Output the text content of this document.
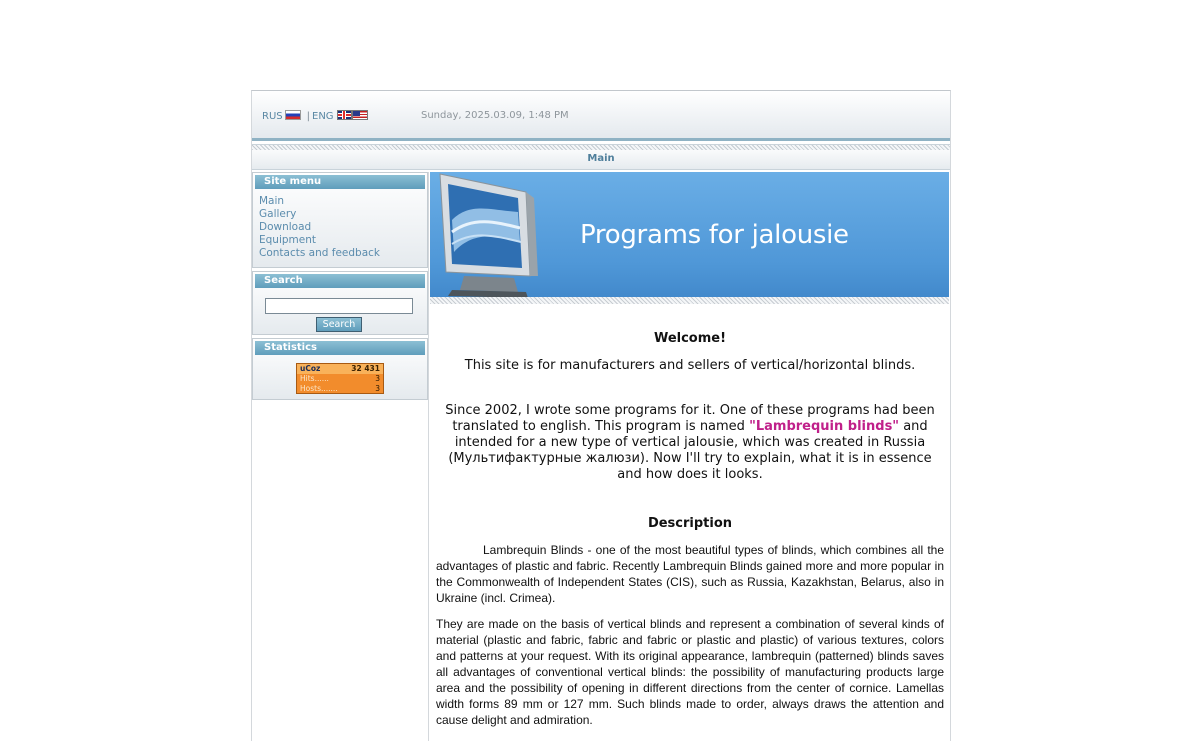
RUS | ENG	Sunday, 2025.03.09, 1:48 PM
Main
Site menu
Main
Gallery
Download
Equipment
Contacts and feedback
Search
Search
Statistics
uCoz	32 431
Hits......	3
Hosts.......	3
Programs for jalousie
Welcome!
This site is for manufacturers and sellers of vertical/horizontal blinds.
Since 2002, I wrote some programs for it. One of these programs had been translated to english. This program is named "Lambrequin blinds" and intended for a new type of vertical jalousie, which was created in Russia (Мультифактурные жалюзи). Now I'll try to explain, what it is in essence and how does it looks.
Description

Lambrequin Blinds - one of the most beautiful types of blinds, which combines all the advantages of plastic and fabric. Recently Lambrequin Blinds gained more and more popular in the Commonwealth of Independent States (CIS), such as Russia, Kazakhstan, Belarus, also in Ukraine (incl. Crimea).

They are made on the basis of vertical blinds and represent a combination of several kinds of material (plastic and fabric, fabric and fabric or plastic and plastic) of various textures, colors and patterns at your request. With its original appearance, lambrequin (patterned) blinds saves all advantages of conventional vertical blinds: the possibility of manufacturing products large area and the possibility of opening in different directions from the center of cornice. Lamellas width forms 89 mm or 127 mm. Such blinds made to order, always draws the attention and cause delight and admiration.
